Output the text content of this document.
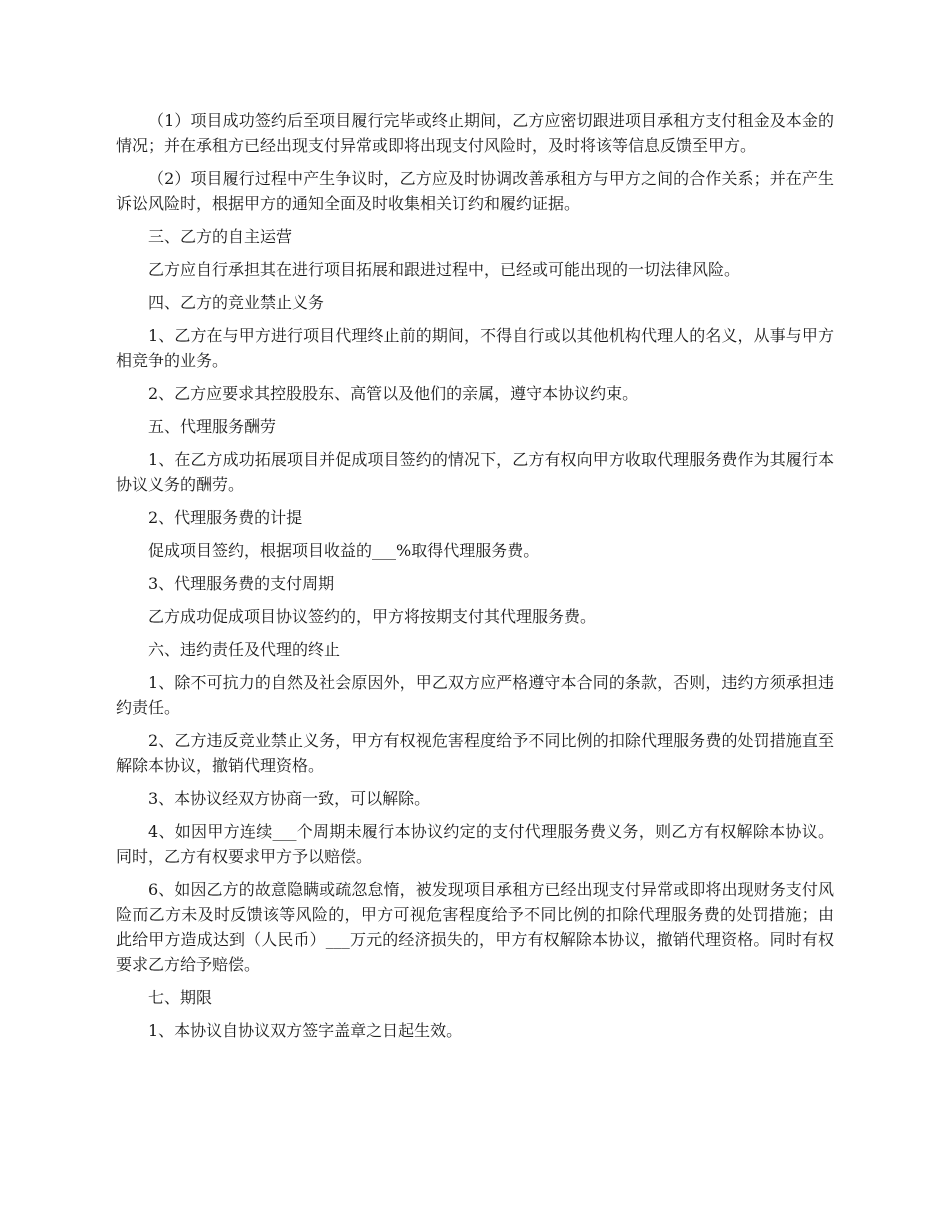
（1）项目成功签约后至项目履行完毕或终止期间，乙方应密切跟进项目承租方支付租金及本金的情况；并在承租方已经出现支付异常或即将出现支付风险时，及时将该等信息反馈至甲方。

（2）项目履行过程中产生争议时，乙方应及时协调改善承租方与甲方之间的合作关系；并在产生诉讼风险时，根据甲方的通知全面及时收集相关订约和履约证据。

三、乙方的自主运营

乙方应自行承担其在进行项目拓展和跟进过程中，已经或可能出现的一切法律风险。

四、乙方的竞业禁止义务

1、乙方在与甲方进行项目代理终止前的期间，不得自行或以其他机构代理人的名义，从事与甲方相竞争的业务。

2、乙方应要求其控股股东、高管以及他们的亲属，遵守本协议约束。

五、代理服务酬劳

1、在乙方成功拓展项目并促成项目签约的情况下，乙方有权向甲方收取代理服务费作为其履行本协议义务的酬劳。

2、代理服务费的计提

促成项目签约，根据项目收益的___%取得代理服务费。

3、代理服务费的支付周期

乙方成功促成项目协议签约的，甲方将按期支付其代理服务费。

六、违约责任及代理的终止

1、除不可抗力的自然及社会原因外，甲乙双方应严格遵守本合同的条款，否则，违约方须承担违约责任。

2、乙方违反竞业禁止义务，甲方有权视危害程度给予不同比例的扣除代理服务费的处罚措施直至解除本协议，撤销代理资格。

3、本协议经双方协商一致，可以解除。

4、如因甲方连续___个周期未履行本协议约定的支付代理服务费义务，则乙方有权解除本协议。同时，乙方有权要求甲方予以赔偿。

6、如因乙方的故意隐瞒或疏忽怠惰，被发现项目承租方已经出现支付异常或即将出现财务支付风险而乙方未及时反馈该等风险的，甲方可视危害程度给予不同比例的扣除代理服务费的处罚措施；由此给甲方造成达到（人民币）___万元的经济损失的，甲方有权解除本协议，撤销代理资格。同时有权要求乙方给予赔偿。

七、期限

1、本协议自协议双方签字盖章之日起生效。
